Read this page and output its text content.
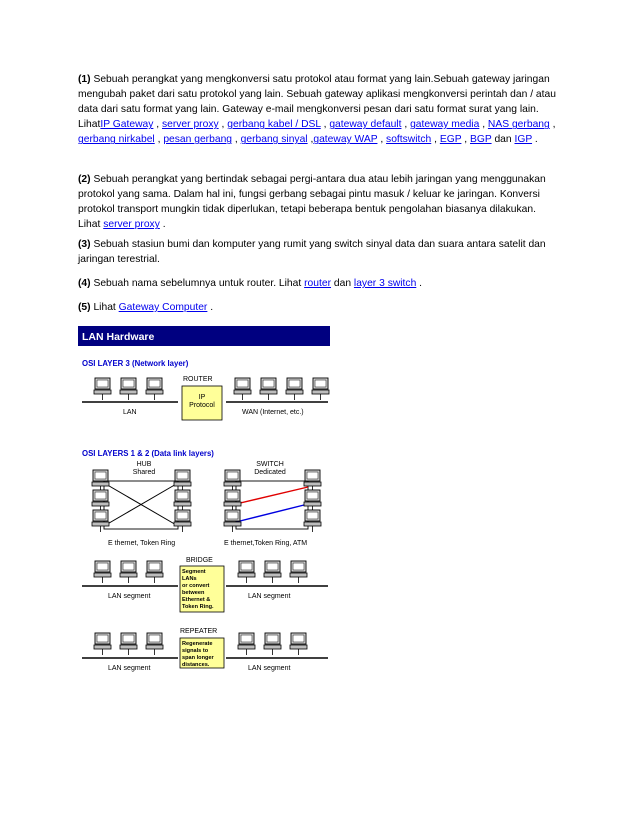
(1) Sebuah perangkat yang mengkonversi satu protokol atau format yang lain.Sebuah gateway jaringan mengubah paket dari satu protokol yang lain. Sebuah gateway aplikasi mengkonversi perintah dan / atau data dari satu format yang lain. Gateway e-mail mengkonversi pesan dari satu format surat yang lain. LihatIP Gateway , server proxy , gerbang kabel / DSL , gateway default , gateway media , NAS gerbang , gerbang nirkabel , pesan gerbang , gerbang sinyal ,gateway WAP , softswitch , EGP , BGP dan IGP .

(2) Sebuah perangkat yang bertindak sebagai pergi-antara dua atau lebih jaringan yang menggunakan protokol yang sama. Dalam hal ini, fungsi gerbang sebagai pintu masuk / keluar ke jaringan. Konversi protokol transport mungkin tidak diperlukan, tetapi beberapa bentuk pengolahan biasanya dilakukan. Lihat server proxy .

(3) Sebuah stasiun bumi dan komputer yang rumit yang switch sinyal data dan suara antara satelit dan jaringan terestrial.

(4) Sebuah nama sebelumnya untuk router. Lihat router dan layer 3 switch .

(5) Lihat Gateway Computer .

LAN Hardware
OSI LAYER 3 (Network layer)
ROUTER
IP Protocol
LAN	WAN (Internet, etc.)
OSI LAYERS 1 & 2 (Data link layers)
HUB Shared
E thernet, Token Ring
SWITCH Dedicated
E thernet,Token Ring, ATM
BRIDGE
Segment LANs or convert between Ethernet & Token Ring.
LAN segment	LAN segment
REPEATER
Regenerate signals to span longer distances.
LAN segment	LAN segment
